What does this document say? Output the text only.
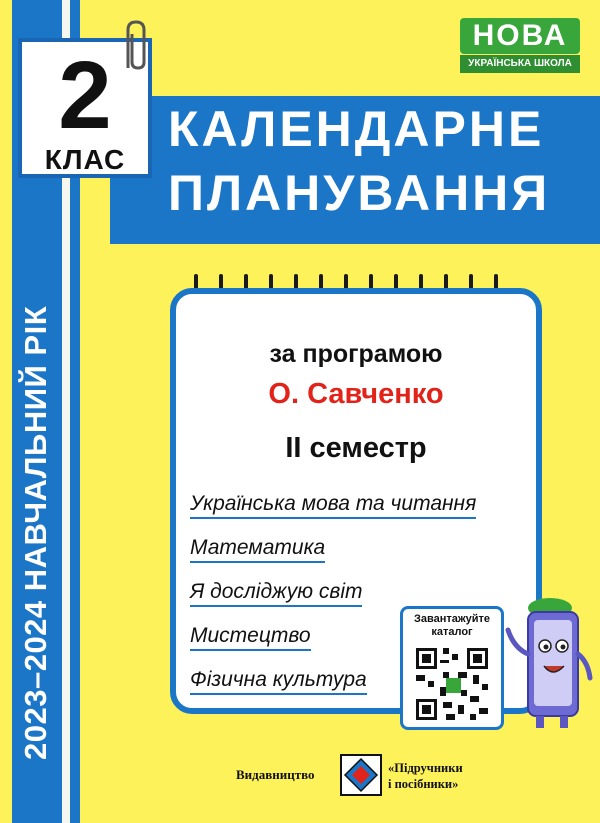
2023–2024 НАВЧАЛЬНИЙ РІК
КАЛЕНДАРНЕ
ПЛАНУВАННЯ
2
КЛАС
НОВА
УКРАЇНСЬКА ШКОЛА
за програмою
О. Савченко
II семестр
Українська мова та читання
Математика
Я досліджую світ
Мистецтво
Фізична культура
Завантажуйте
каталог
Видавництво	«Підручники
і посібники»
